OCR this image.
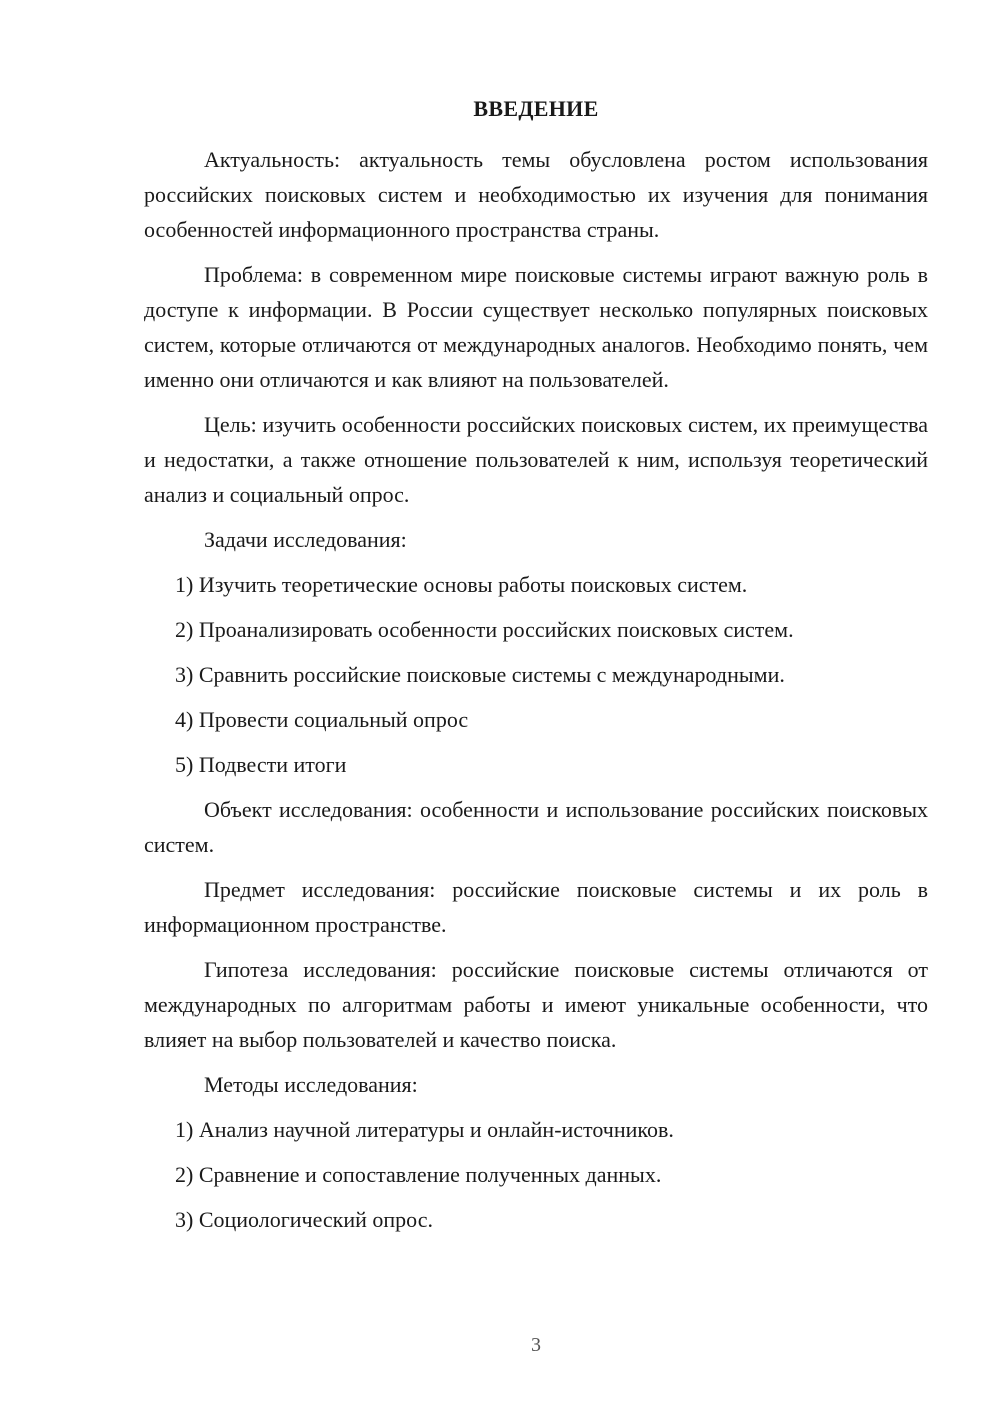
ВВЕДЕНИЕ

Актуальность: актуальность темы обусловлена ростом использования российских поисковых систем и необходимостью их изучения для понимания особенностей информационного пространства страны.

Проблема: в современном мире поисковые системы играют важную роль в доступе к информации. В России существует несколько популярных поисковых систем, которые отличаются от международных аналогов. Необходимо понять, чем именно они отличаются и как влияют на пользователей.

Цель: изучить особенности российских поисковых систем, их преимущества и недостатки, а также отношение пользователей к ним, используя теоретический анализ и социальный опрос.

Задачи исследования:

1) Изучить теоретические основы работы поисковых систем.
2) Проанализировать особенности российских поисковых систем.
3) Сравнить российские поисковые системы с международными.
4) Провести социальный опрос
5) Подвести итоги

Объект исследования: особенности и использование российских поисковых систем.

Предмет исследования: российские поисковые системы и их роль в информационном пространстве.

Гипотеза исследования: российские поисковые системы отличаются от международных по алгоритмам работы и имеют уникальные особенности, что влияет на выбор пользователей и качество поиска.

Методы исследования:

1) Анализ научной литературы и онлайн-источников.
2) Сравнение и сопоставление полученных данных.
3) Социологический опрос.
3
